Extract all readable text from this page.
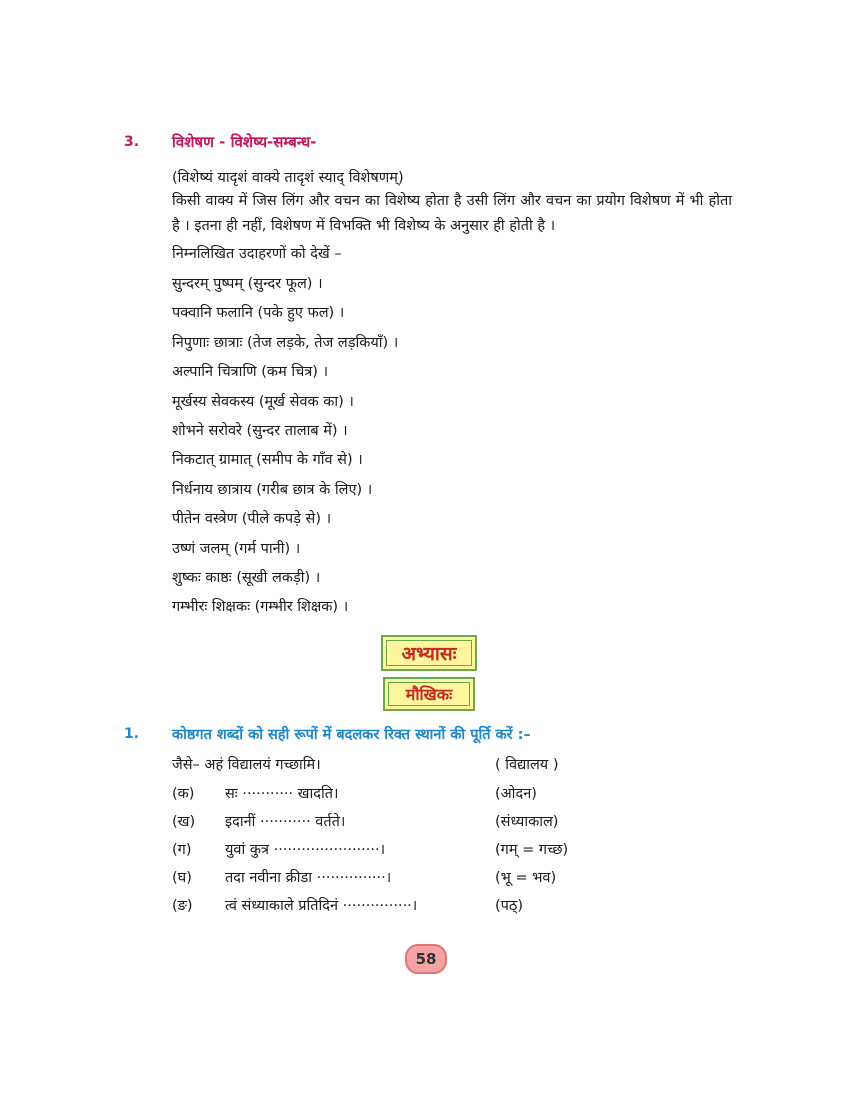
3. विशेषण - विशेष्य-सम्बन्ध-
(विशेष्यं यादृशं वाक्ये तादृशं स्याद् विशेषणम्)
किसी वाक्य में जिस लिंग और वचन का विशेष्य होता है उसी लिंग और वचन का प्रयोग विशेषण में भी होता है । इतना ही नहीं, विशेषण में विभक्ति भी विशेष्य के अनुसार ही होती है ।
निम्नलिखित उदाहरणों को देखें –
सुन्दरम् पुष्पम् (सुन्दर फूल) ।
पक्वानि फलानि (पके हुए फल) ।
निपुणाः छात्राः (तेज लड़के, तेज लड़कियाँ) ।
अल्पानि चित्राणि (कम चित्र) ।
मूर्खस्य सेवकस्य (मूर्ख सेवक का) ।
शोभने सरोवरे (सुन्दर तालाब में) ।
निकटात् ग्रामात् (समीप के गाँव से) ।
निर्धनाय छात्राय (गरीब छात्र के लिए) ।
पीतेन वस्त्रेण (पीले कपड़े से) ।
उष्णं जलम् (गर्म पानी) ।
शुष्कः काष्ठः (सूखी लकड़ी) ।
गम्भीरः शिक्षकः (गम्भीर शिक्षक) ।
अभ्यासः
मौखिकः
1. कोष्ठगत शब्दों को सही रूपों में बदलकर रिक्त स्थानों की पूर्ति करें :–
जैसे– अहं विद्यालयं गच्छामि।	( विद्यालय )
(क) सः ··········· खादति।	(ओदन)
(ख) इदानीं ··········· वर्तते।	(संध्याकाल)
(ग) युवां कुत्र ·······················।	(गम् = गच्छ)
(घ) तदा नवीना क्रीडा ···············।	(भू = भव)
(ङ) त्वं संध्याकाले प्रतिदिनं ···············।	(पठ्)
58
